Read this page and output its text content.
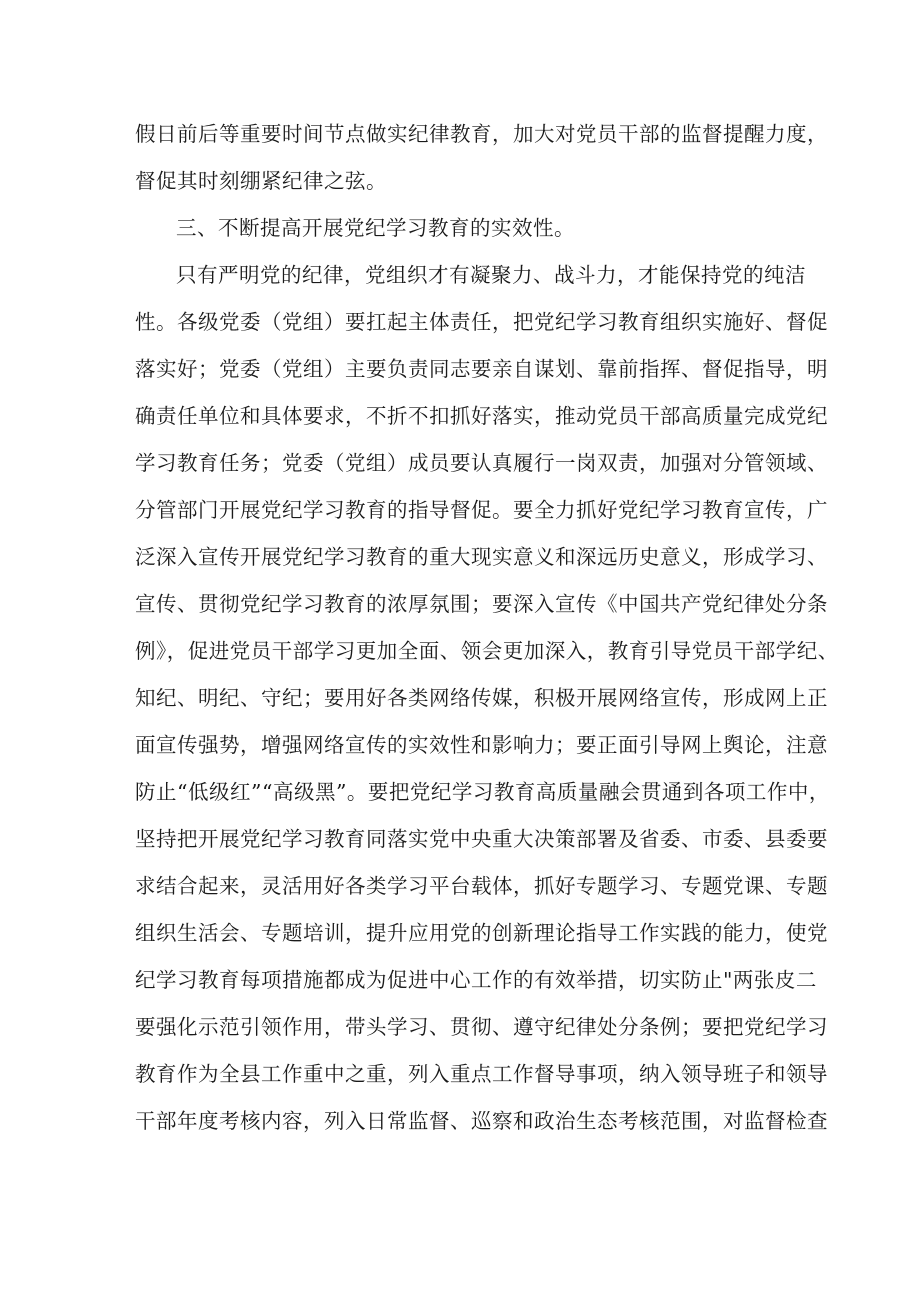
假日前后等重要时间节点做实纪律教育，加大对党员干部的监督提醒力度，
督促其时刻绷紧纪律之弦。
三、不断提高开展党纪学习教育的实效性。
只有严明党的纪律，党组织才有凝聚力、战斗力，才能保持党的纯洁
性。各级党委（党组）要扛起主体责任，把党纪学习教育组织实施好、督促
落实好；党委（党组）主要负责同志要亲自谋划、靠前指挥、督促指导，明
确责任单位和具体要求，不折不扣抓好落实，推动党员干部高质量完成党纪
学习教育任务；党委（党组）成员要认真履行一岗双责，加强对分管领域、
分管部门开展党纪学习教育的指导督促。要全力抓好党纪学习教育宣传，广
泛深入宣传开展党纪学习教育的重大现实意义和深远历史意义，形成学习、
宣传、贯彻党纪学习教育的浓厚氛围；要深入宣传《中国共产党纪律处分条
例》，促进党员干部学习更加全面、领会更加深入，教育引导党员干部学纪、
知纪、明纪、守纪；要用好各类网络传媒，积极开展网络宣传，形成网上正
面宣传强势，增强网络宣传的实效性和影响力；要正面引导网上舆论，注意
防止“低级红”“高级黑”。要把党纪学习教育高质量融会贯通到各项工作中，
坚持把开展党纪学习教育同落实党中央重大决策部署及省委、市委、县委要
求结合起来，灵活用好各类学习平台载体，抓好专题学习、专题党课、专题
组织生活会、专题培训，提升应用党的创新理论指导工作实践的能力，使党
纪学习教育每项措施都成为促进中心工作的有效举措，切实防止"两张皮二
要强化示范引领作用，带头学习、贯彻、遵守纪律处分条例；要把党纪学习
教育作为全县工作重中之重，列入重点工作督导事项，纳入领导班子和领导
干部年度考核内容，列入日常监督、巡察和政治生态考核范围，对监督检查
